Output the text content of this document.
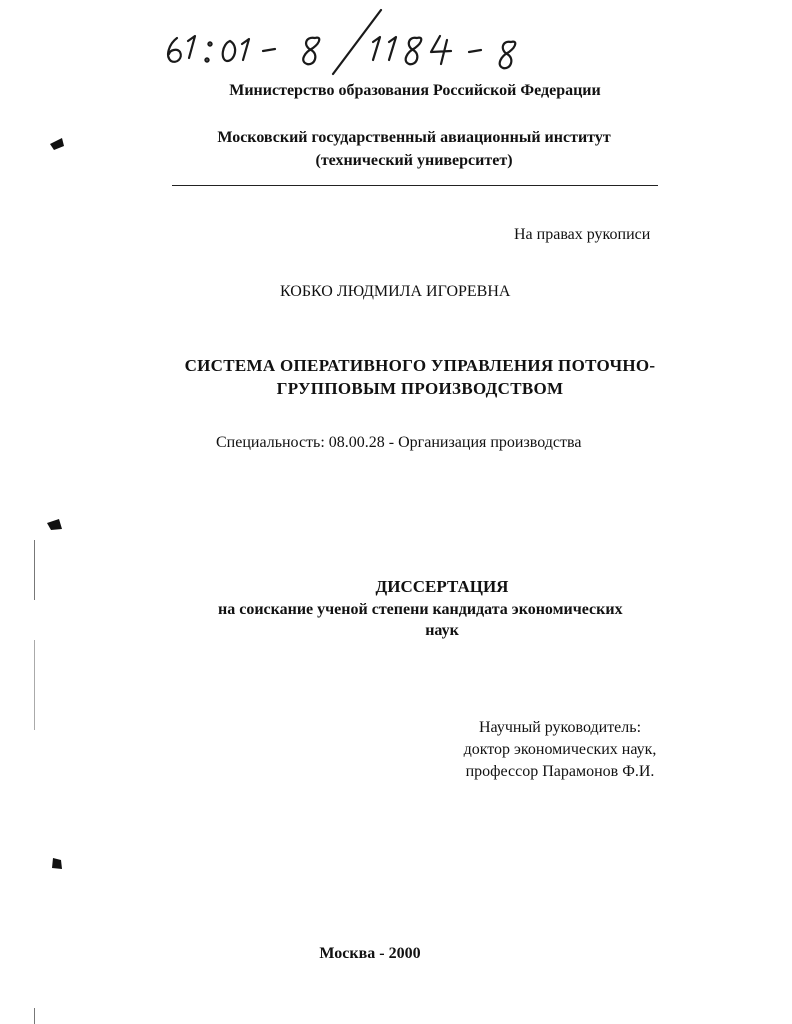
Министерство образования Российской Федерации
Московский государственный авиационный институт
(технический университет)
На правах рукописи
КОБКО ЛЮДМИЛА ИГОРЕВНА
СИСТЕМА ОПЕРАТИВНОГО УПРАВЛЕНИЯ ПОТОЧНО-
ГРУППОВЫМ ПРОИЗВОДСТВОМ
Специальность: 08.00.28 - Организация производства
ДИССЕРТАЦИЯ
на соискание ученой степени кандидата экономических
наук
Научный руководитель:
доктор экономических наук,
профессор Парамонов Ф.И.
Москва - 2000
